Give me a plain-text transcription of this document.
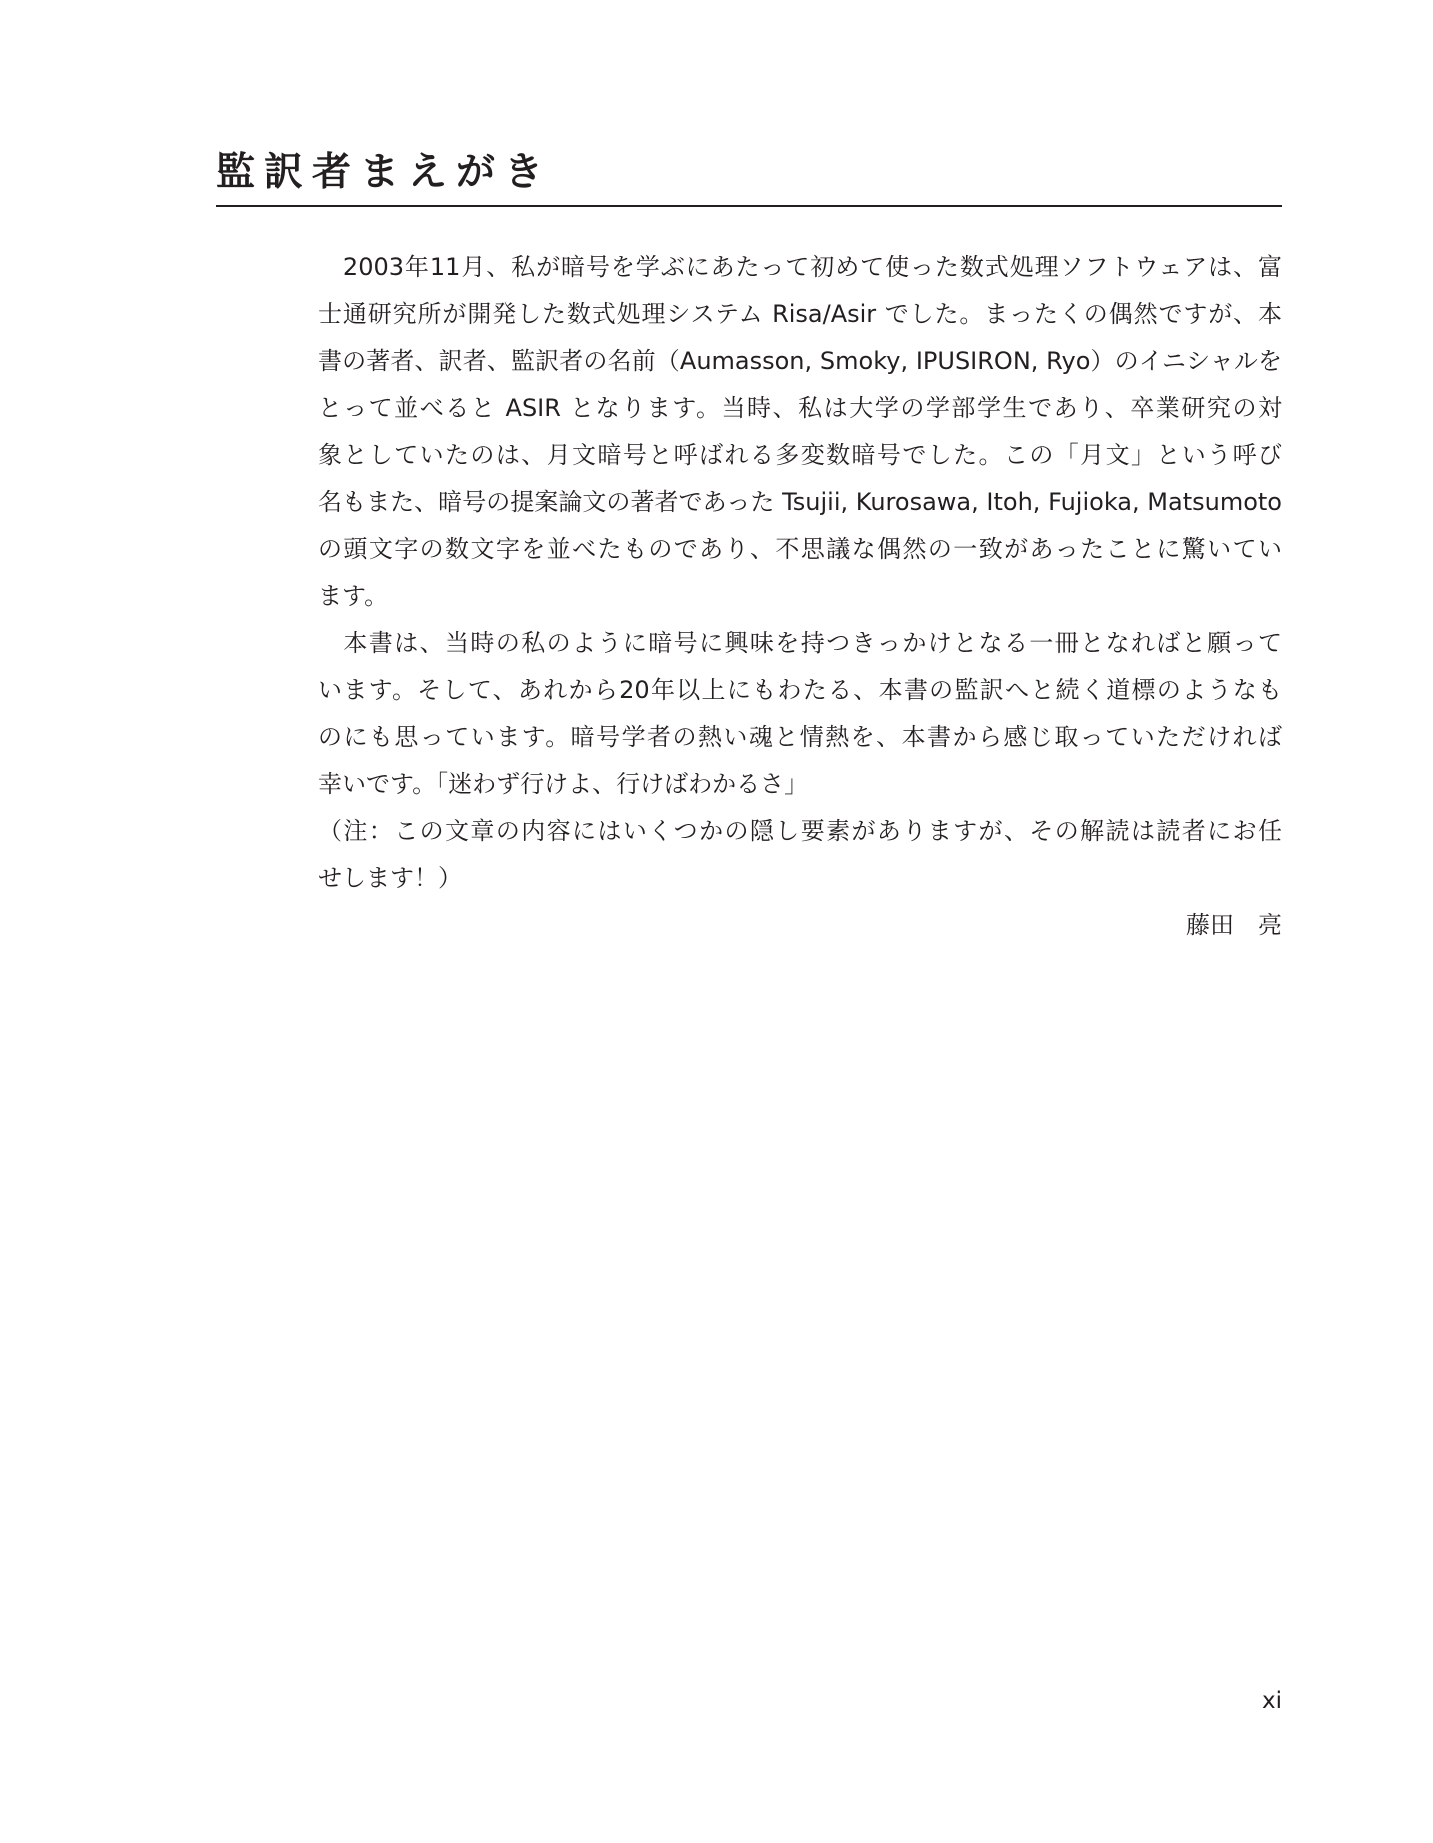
監訳者まえがき
　2003年11月、私が暗号を学ぶにあたって初めて使った数式処理ソフトウェアは、富
士通研究所が開発した数式処理システム Risa/Asir でした。まったくの偶然ですが、本
書の著者、訳者、監訳者の名前（Aumasson, Smoky, IPUSIRON, Ryo）のイニシャルを
とって並べると ASIR となります。当時、私は大学の学部学生であり、卒業研究の対
象としていたのは、月文暗号と呼ばれる多変数暗号でした。この「月文」という呼び
名もまた、暗号の提案論文の著者であった Tsujii, Kurosawa, Itoh, Fujioka, Matsumoto
の頭文字の数文字を並べたものであり、不思議な偶然の一致があったことに驚いてい
ます。
　本書は、当時の私のように暗号に興味を持つきっかけとなる一冊となればと願って
います。そして、あれから20年以上にもわたる、本書の監訳へと続く道標のようなも
のにも思っています。暗号学者の熱い魂と情熱を、本書から感じ取っていただければ
幸いです。「迷わず行けよ、行けばわかるさ」
（注：この文章の内容にはいくつかの隠し要素がありますが、その解読は読者にお任
せします！）
藤田　亮
xi
